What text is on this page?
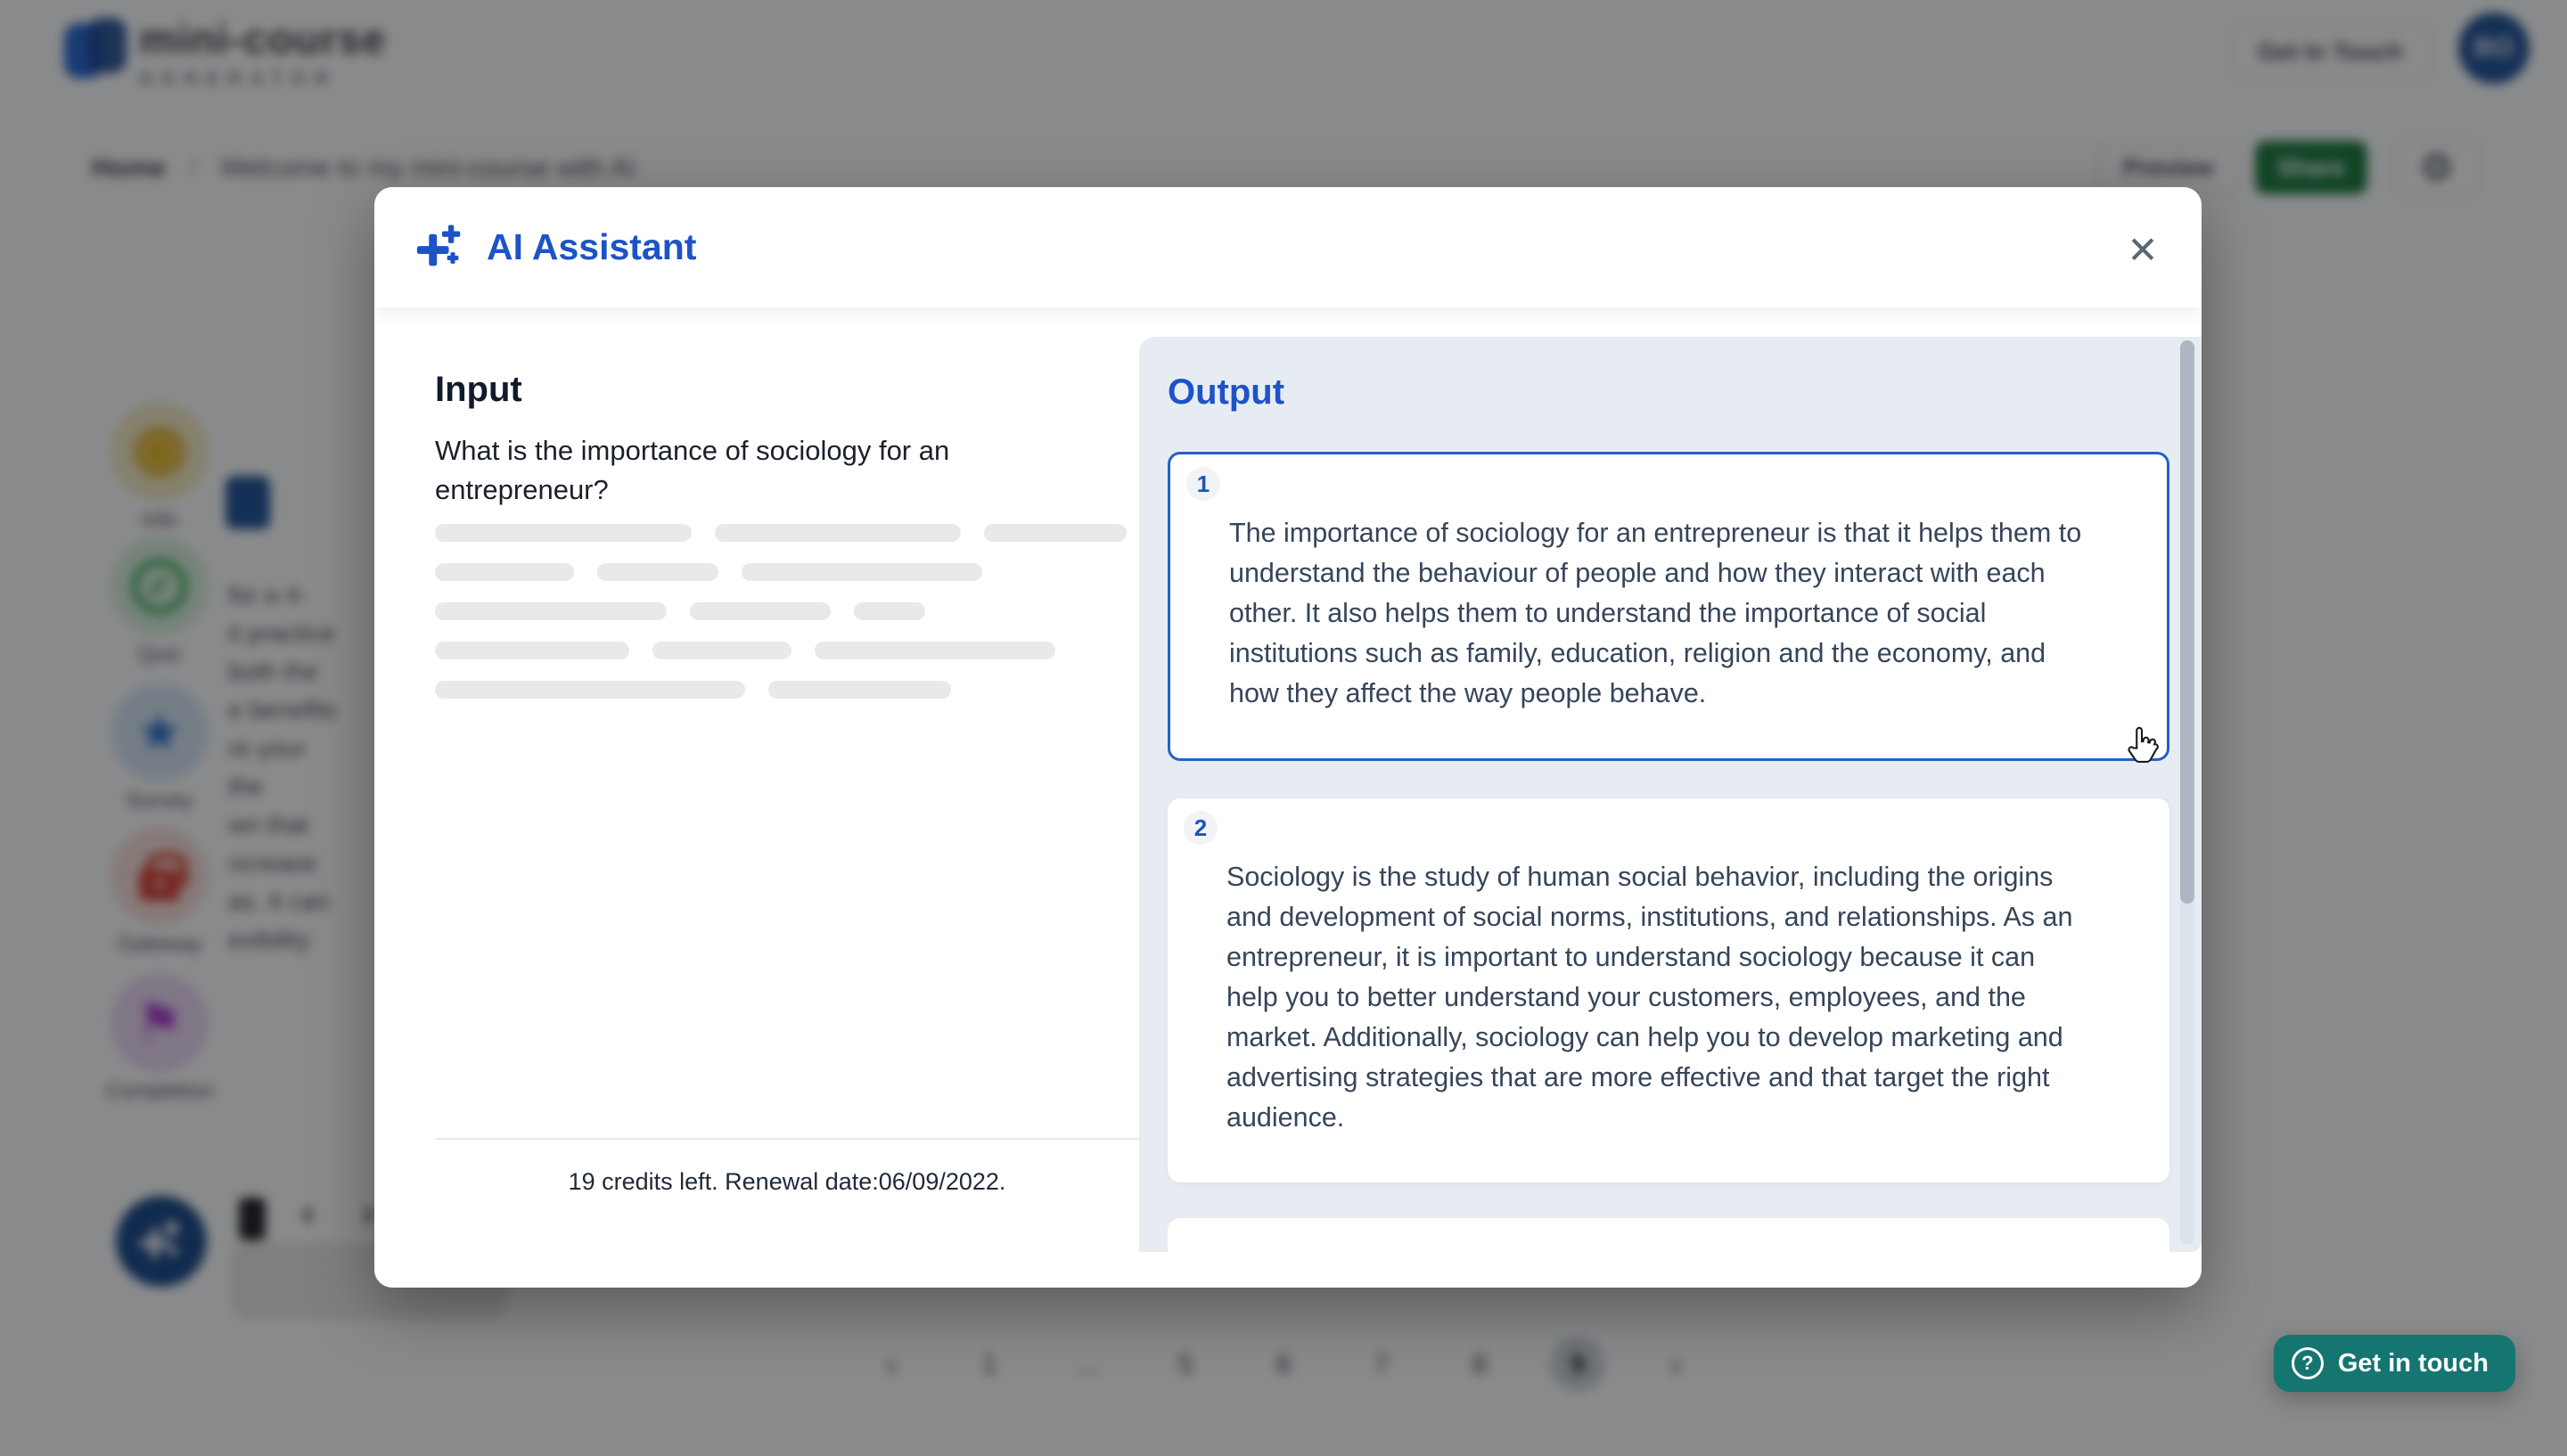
AI Assistant	✕
Input
What is the importance of sociology for an entrepreneur?
19 credits left. Renewal date:06/09/2022.
Output
1
The importance of sociology for an entrepreneur is that it helps them to understand the behaviour of people and how they interact with each other. It also helps them to understand the importance of social institutions such as family, education, religion and the economy, and how they affect the way people behave.
2
Sociology is the study of human social behavior, including the origins and development of social norms, institutions, and relationships. As an entrepreneur, it is important to understand sociology because it can help you to better understand your customers, employees, and the market. Additionally, sociology can help you to develop marketing and advertising strategies that are more effective and that target the right audience.
? Get in touch
